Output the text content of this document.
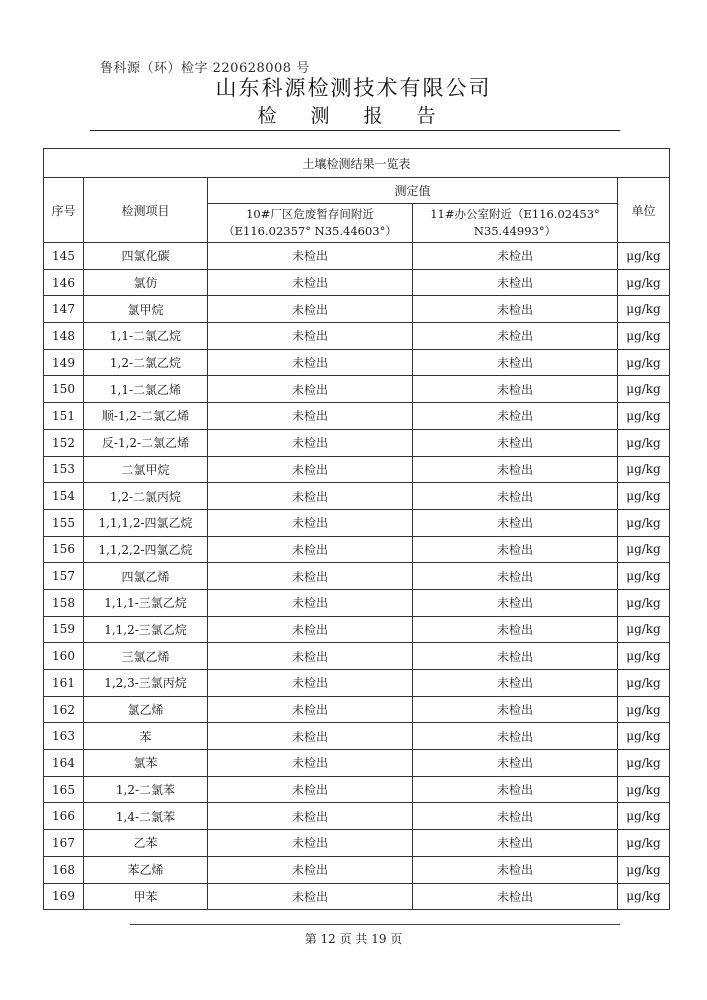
鲁科源（环）检字 220628008 号
山东科源检测技术有限公司
检 测 报 告
土壤检测结果一览表				
序号	检测项目	测定值		单位
		10#厂区危废暂存间附近（E116.02357° N35.44603°）	11#办公室附近（E116.02453° N35.44993°）	
145	四氯化碳	未检出	未检出	μg/kg
146	氯仿	未检出	未检出	μg/kg
147	氯甲烷	未检出	未检出	μg/kg
148	1,1-二氯乙烷	未检出	未检出	μg/kg
149	1,2-二氯乙烷	未检出	未检出	μg/kg
150	1,1-二氯乙烯	未检出	未检出	μg/kg
151	顺-1,2-二氯乙烯	未检出	未检出	μg/kg
152	反-1,2-二氯乙烯	未检出	未检出	μg/kg
153	二氯甲烷	未检出	未检出	μg/kg
154	1,2-二氯丙烷	未检出	未检出	μg/kg
155	1,1,1,2-四氯乙烷	未检出	未检出	μg/kg
156	1,1,2,2-四氯乙烷	未检出	未检出	μg/kg
157	四氯乙烯	未检出	未检出	μg/kg
158	1,1,1-三氯乙烷	未检出	未检出	μg/kg
159	1,1,2-三氯乙烷	未检出	未检出	μg/kg
160	三氯乙烯	未检出	未检出	μg/kg
161	1,2,3-三氯丙烷	未检出	未检出	μg/kg
162	氯乙烯	未检出	未检出	μg/kg
163	苯	未检出	未检出	μg/kg
164	氯苯	未检出	未检出	μg/kg
165	1,2-二氯苯	未检出	未检出	μg/kg
166	1,4-二氯苯	未检出	未检出	μg/kg
167	乙苯	未检出	未检出	μg/kg
168	苯乙烯	未检出	未检出	μg/kg
169	甲苯	未检出	未检出	μg/kg
第 12 页 共 19 页
